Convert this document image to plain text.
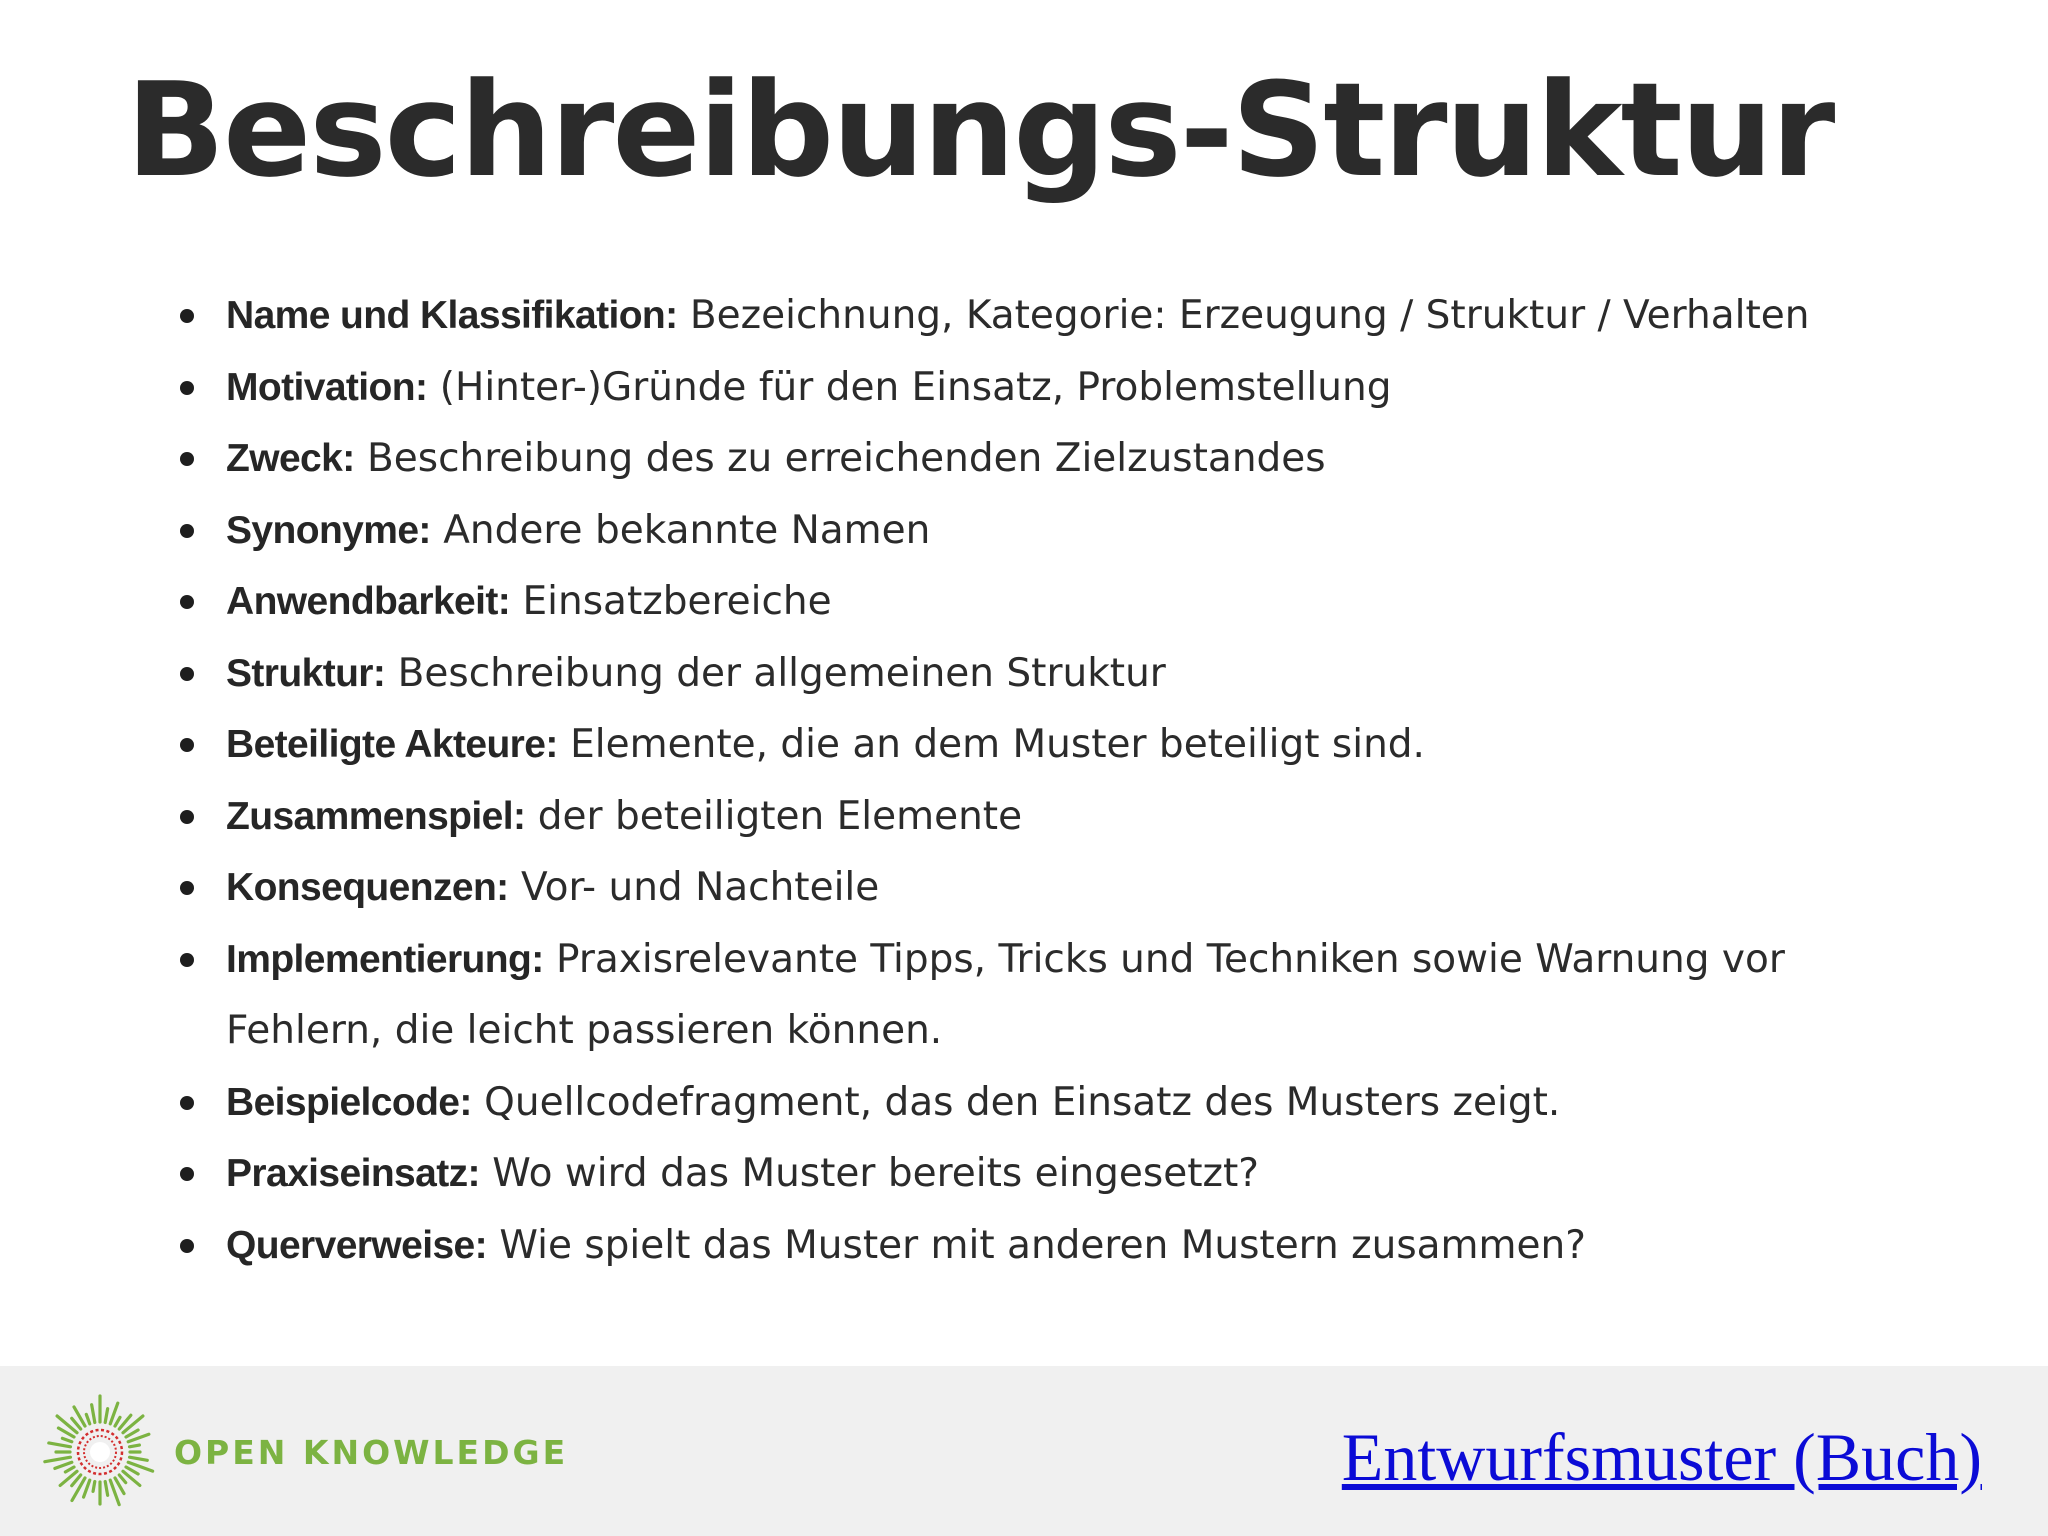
Beschreibungs-Struktur
Name und Klassifikation: Bezeichnung, Kategorie: Erzeugung / Struktur / Verhalten
Motivation: (Hinter-)Gründe für den Einsatz, Problemstellung
Zweck: Beschreibung des zu erreichenden Zielzustandes
Synonyme: Andere bekannte Namen
Anwendbarkeit: Einsatzbereiche
Struktur: Beschreibung der allgemeinen Struktur
Beteiligte Akteure: Elemente, die an dem Muster beteiligt sind.
Zusammenspiel: der beteiligten Elemente
Konsequenzen: Vor- und Nachteile
Implementierung: Praxisrelevante Tipps, Tricks und Techniken sowie Warnung vor Fehlern, die leicht passieren können.
Beispielcode: Quellcodefragment, das den Einsatz des Musters zeigt.
Praxiseinsatz: Wo wird das Muster bereits eingesetzt?
Querverweise: Wie spielt das Muster mit anderen Mustern zusammen?
OPEN KNOWLEDGE	Entwurfsmuster (Buch)
